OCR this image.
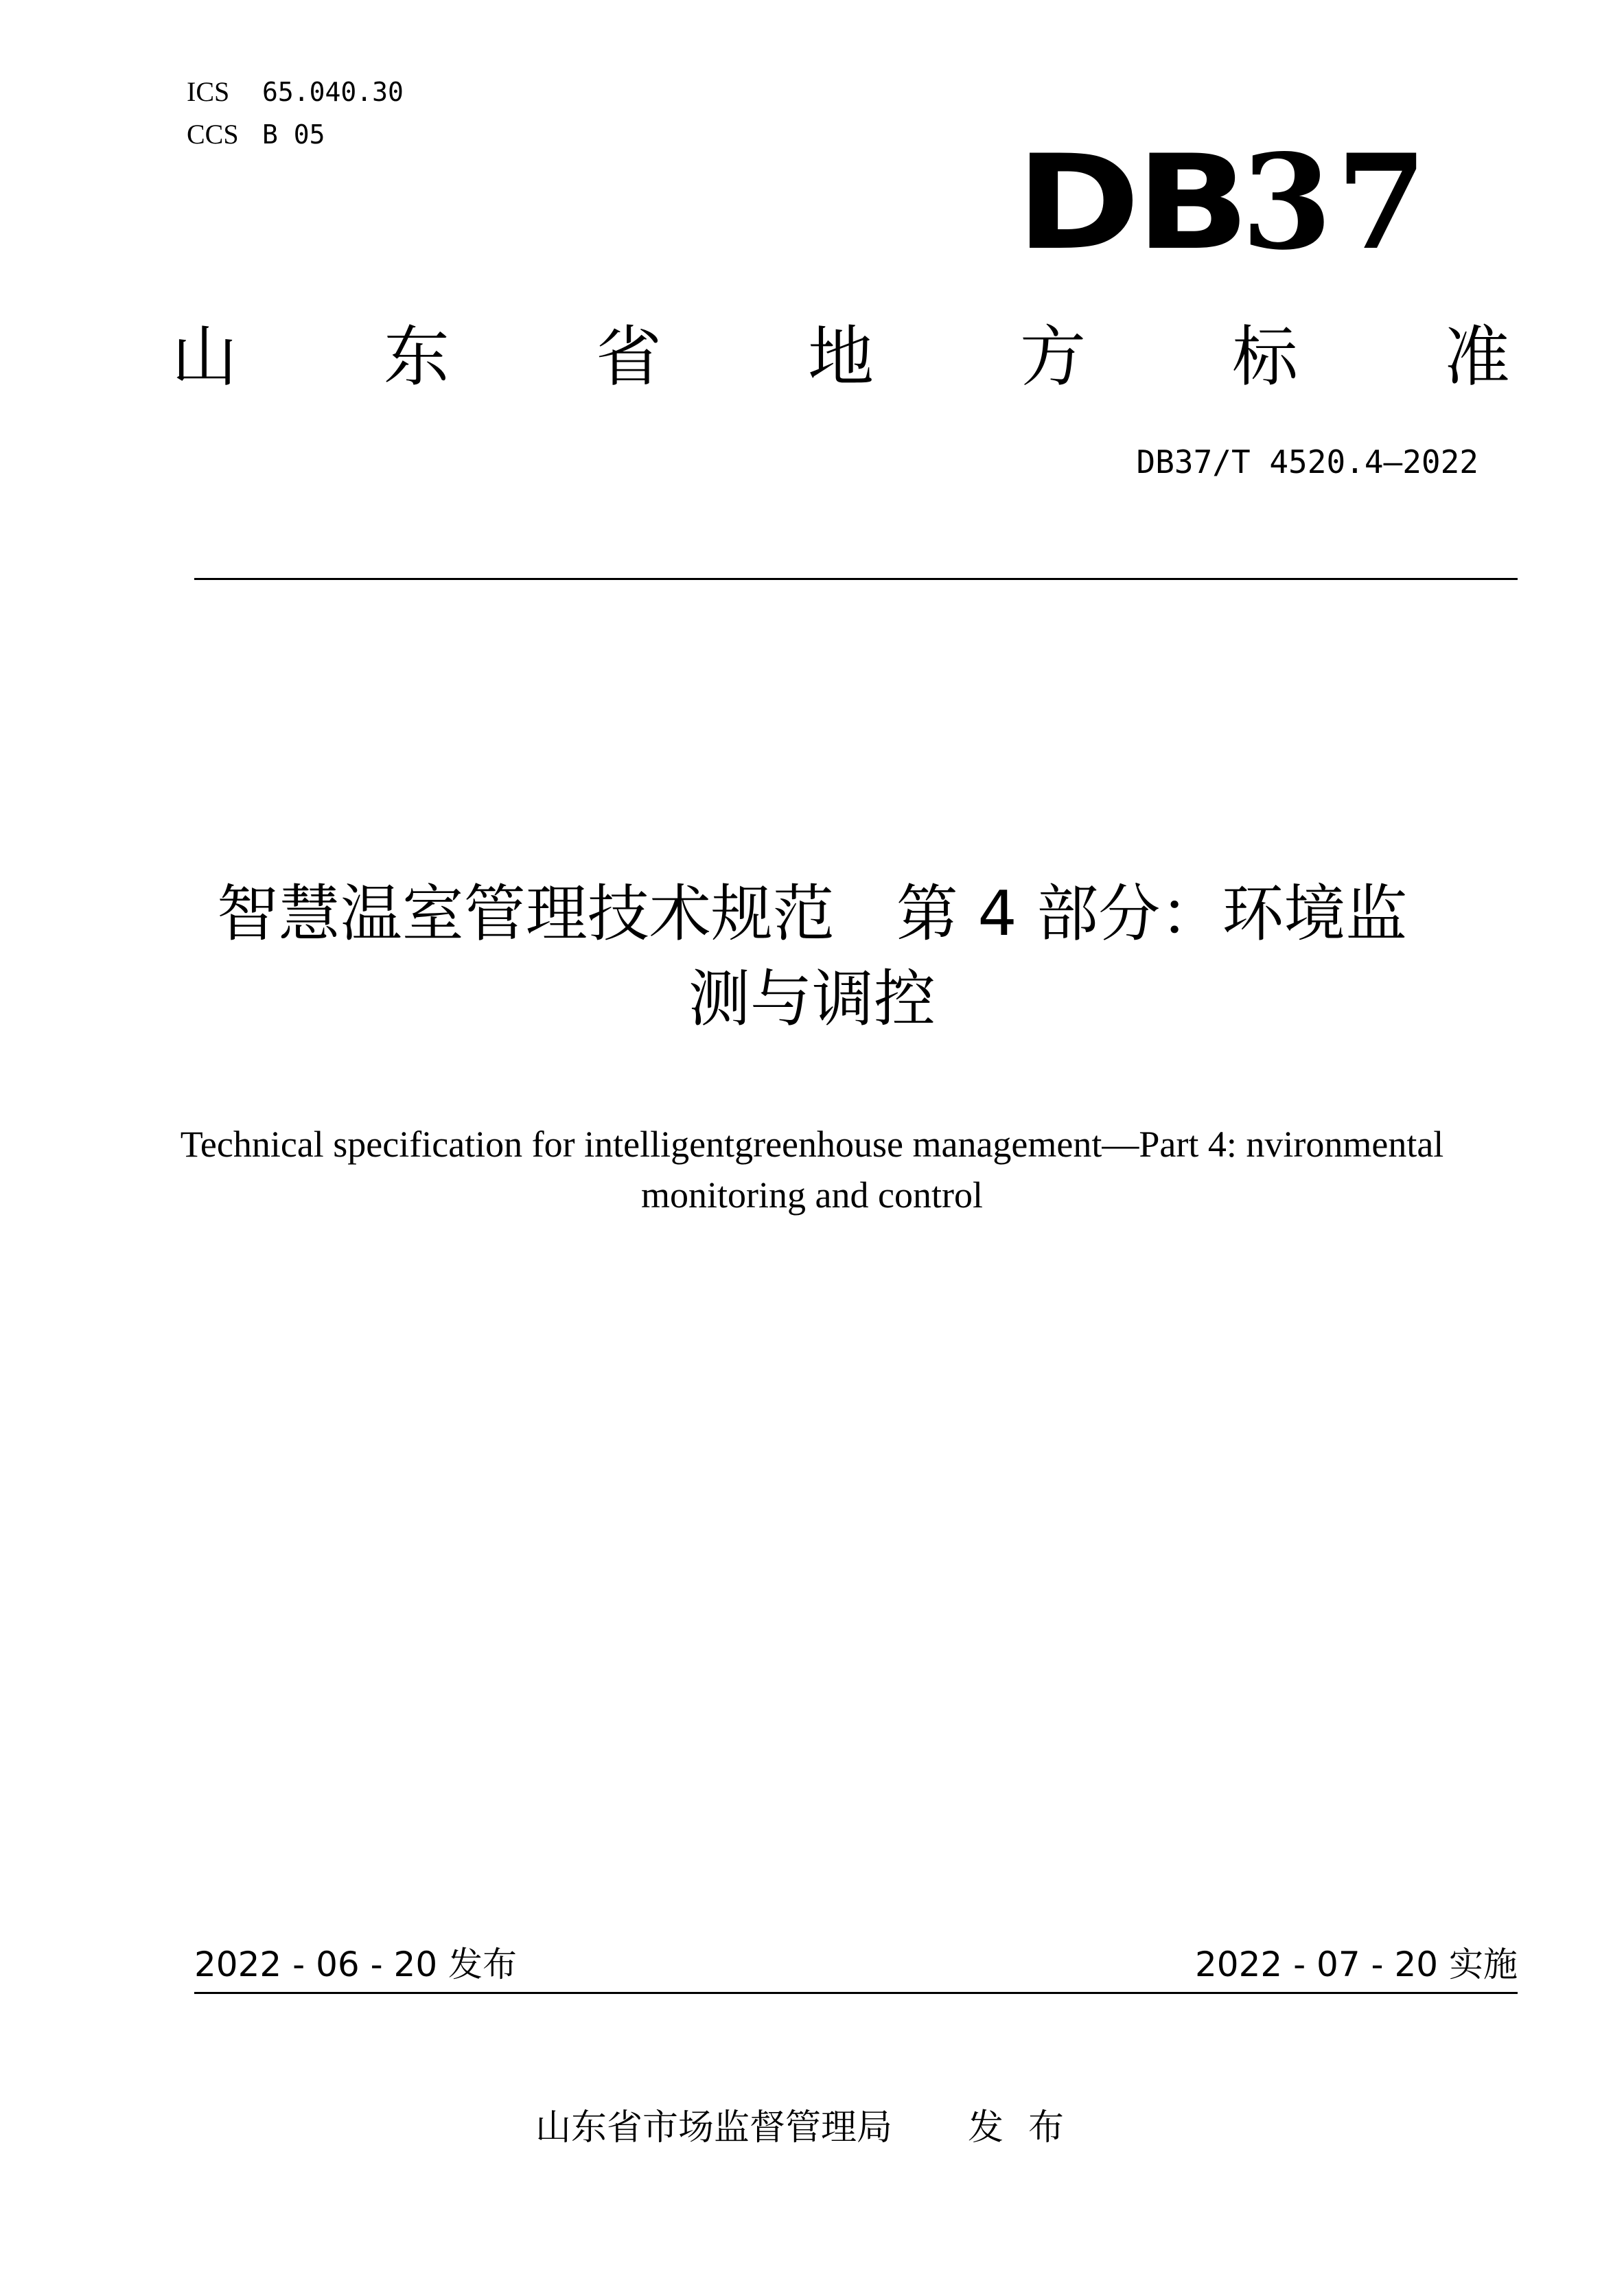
ICS 65.040.30
CCS B 05	DB37
山 东 省 地 方 标 准
DB37/T 4520.4—2022
智慧温室管理技术规范　第 4 部分：环境监
测与调控
Technical specification for intelligentgreenhouse management—Part 4: nvironmental
monitoring and control
2022 - 06 - 20 发布	2022 - 07 - 20 实施
山东省市场监督管理局 发布
